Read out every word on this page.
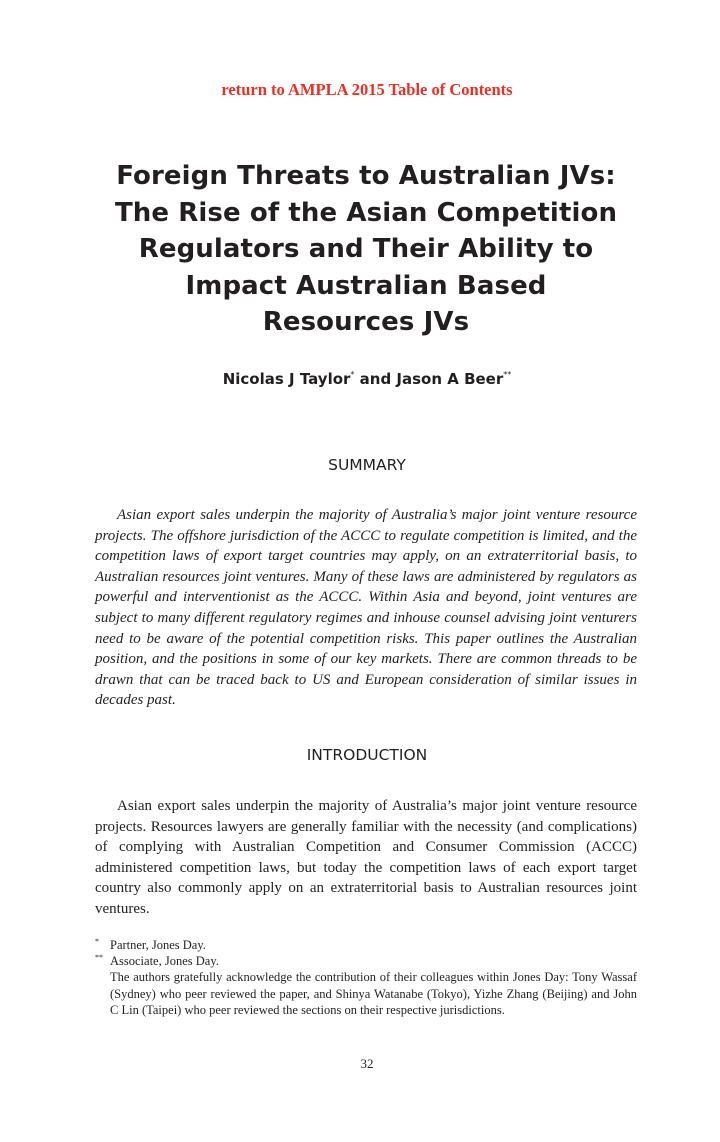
return to AMPLA 2015 Table of Contents
Foreign Threats to Australian JVs:
The Rise of the Asian Competition
Regulators and Their Ability to
Impact Australian Based
Resources JVs
Nicolas J Taylor* and Jason A Beer**
SUMMARY

Asian export sales underpin the majority of Australia’s major joint venture resource projects. The offshore jurisdiction of the ACCC to regulate competition is limited, and the competition laws of export target countries may apply, on an extraterritorial basis, to Australian resources joint ventures. Many of these laws are administered by regulators as powerful and interventionist as the ACCC. Within Asia and beyond, joint ventures are subject to many different regulatory regimes and inhouse counsel advising joint venturers need to be aware of the potential competition risks. This paper outlines the Australian position, and the positions in some of our key markets. There are common threads to be drawn that can be traced back to US and European consideration of similar issues in decades past.

INTRODUCTION

Asian export sales underpin the majority of Australia’s major joint venture resource projects. Resources lawyers are generally familiar with the necessity (and complications) of complying with Australian Competition and Consumer Commission (ACCC) administered competition laws, but today the competition laws of each export target country also commonly apply on an extraterritorial basis to Australian resources joint ventures.

* Partner, Jones Day.
** Associate, Jones Day.
The authors gratefully acknowledge the contribution of their colleagues within Jones Day: Tony Wassaf (Sydney) who peer reviewed the paper, and Shinya Watanabe (Tokyo), Yizhe Zhang (Beijing) and John C Lin (Taipei) who peer reviewed the sections on their respective jurisdictions.
32
